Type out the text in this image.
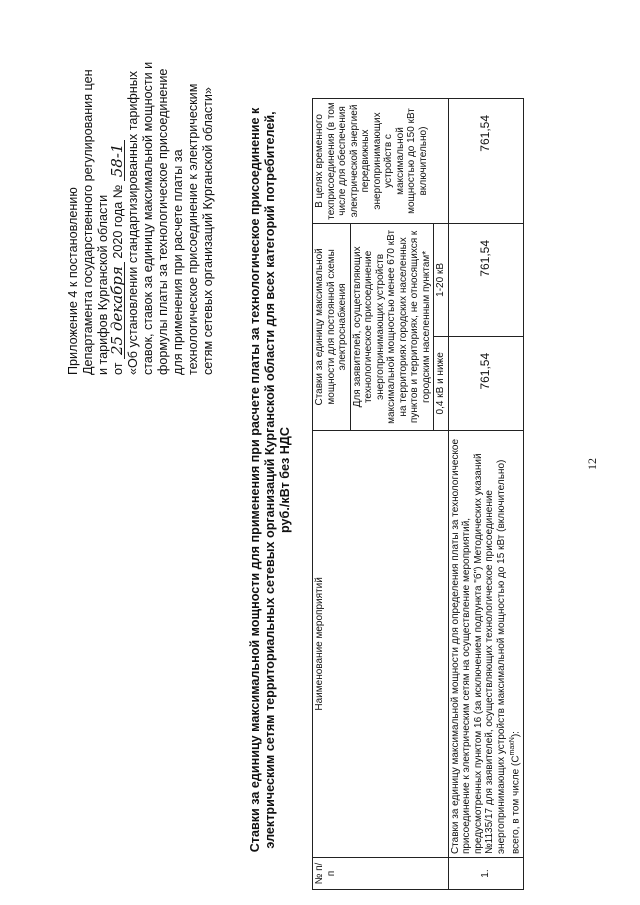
12
Приложение 4 к постановлению Департамента государственного регулирования цен и тарифов Курганской области от 25 декабря 2020 года № 58-1 «Об установлении стандартизированных тарифных ставок, ставок за единицу максимальной мощности и формулы платы за технологическое присоединение для применения при расчете платы за технологическое присоединение к электрическим сетям сетевых организаций Курганской области»	Ставки за единицу максимальной мощности для применения при расчете платы за технологическое присоединение к электрическим сетям территориальных сетевых организаций Курганской области для всех категорий потребителей, руб./кВт без НДС
№ п/п	Наименование мероприятий	Ставки за единицу максимальной мощности для постоянной схемы электроснабжения		В целях временного техприсоединения (в том числе для обеспечения электрической энергией передвижных энергопринимающих устройств с максимальной мощностью до 150 кВт включительно)
		Для заявителей, осуществляющих технологическое присоединение энергопринимающих устройств максимальной мощностью менее 670 кВт на территориях городских населенных пунктов и территориях, не относящихся к городским населенным пунктам*		
		0,4 кВ и ниже	1-20 кВ	
1.	Ставки за единицу максимальной мощности для определения платы за технологическое присоединение к электрическим сетям на осуществление мероприятий, предусмотренных пунктом 16 (за исключением подпункта "б") Методических указаний №1135/17 для заявителей, осуществляющих технологическое присоединение энергопринимающих устройств максимальной мощностью до 15 кВт (включительно) всего, в том числе $(С^{maxN})$:	761,54	761,54	761,54
